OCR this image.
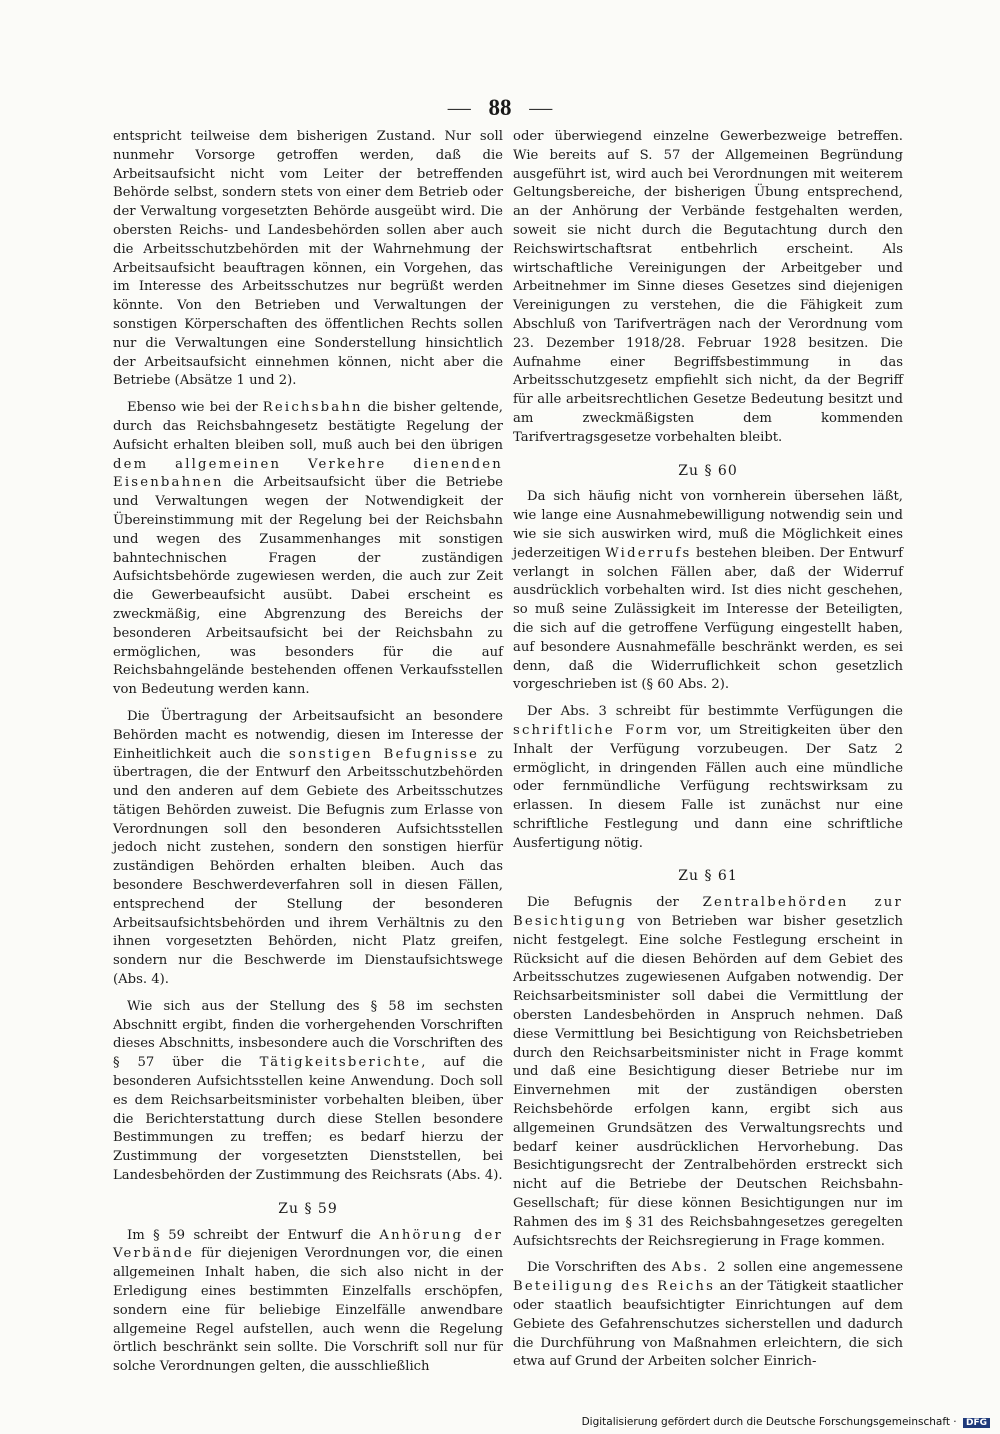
— 88 —

entspricht teilweise dem bisherigen Zustand. Nur soll nunmehr Vorsorge getroffen werden, daß die Arbeitsaufsicht nicht vom Leiter der betreffenden Behörde selbst, sondern stets von einer dem Betrieb oder der Verwaltung vorgesetzten Behörde ausgeübt wird. Die obersten Reichs- und Landesbehörden sollen aber auch die Arbeitsschutzbehörden mit der Wahrnehmung der Arbeitsaufsicht beauftragen können, ein Vorgehen, das im Interesse des Arbeitsschutzes nur begrüßt werden könnte. Von den Betrieben und Verwaltungen der sonstigen Körperschaften des öffentlichen Rechts sollen nur die Verwaltungen eine Sonderstellung hinsichtlich der Arbeitsaufsicht einnehmen können, nicht aber die Betriebe (Absätze 1 und 2).

Ebenso wie bei der Reichsbahn die bisher geltende, durch das Reichsbahngesetz bestätigte Regelung der Aufsicht erhalten bleiben soll, muß auch bei den übrigen dem allgemeinen Verkehre dienenden Eisenbahnen die Arbeitsaufsicht über die Betriebe und Verwaltungen wegen der Notwendigkeit der Übereinstimmung mit der Regelung bei der Reichsbahn und wegen des Zusammenhanges mit sonstigen bahntechnischen Fragen der zuständigen Aufsichtsbehörde zugewiesen werden, die auch zur Zeit die Gewerbeaufsicht ausübt. Dabei erscheint es zweckmäßig, eine Abgrenzung des Bereichs der besonderen Arbeitsaufsicht bei der Reichsbahn zu ermöglichen, was besonders für die auf Reichsbahngelände bestehenden offenen Verkaufsstellen von Bedeutung werden kann.

Die Übertragung der Arbeitsaufsicht an besondere Behörden macht es notwendig, diesen im Interesse der Einheitlichkeit auch die sonstigen Befugnisse zu übertragen, die der Entwurf den Arbeitsschutzbehörden und den anderen auf dem Gebiete des Arbeitsschutzes tätigen Behörden zuweist. Die Befugnis zum Erlasse von Verordnungen soll den besonderen Aufsichtsstellen jedoch nicht zustehen, sondern den sonstigen hierfür zuständigen Behörden erhalten bleiben. Auch das besondere Beschwerdeverfahren soll in diesen Fällen, entsprechend der Stellung der besonderen Arbeitsaufsichtsbehörden und ihrem Verhältnis zu den ihnen vorgesetzten Behörden, nicht Platz greifen, sondern nur die Beschwerde im Dienstaufsichtswege (Abs. 4).

Wie sich aus der Stellung des § 58 im sechsten Abschnitt ergibt, finden die vorhergehenden Vorschriften dieses Abschnitts, insbesondere auch die Vorschriften des § 57 über die Tätigkeitsberichte, auf die besonderen Aufsichtsstellen keine Anwendung. Doch soll es dem Reichsarbeitsminister vorbehalten bleiben, über die Berichterstattung durch diese Stellen besondere Bestimmungen zu treffen; es bedarf hierzu der Zustimmung der vorgesetzten Dienststellen, bei Landesbehörden der Zustimmung des Reichsrats (Abs. 4).

Zu § 59

Im § 59 schreibt der Entwurf die Anhörung der Verbände für diejenigen Verordnungen vor, die einen allgemeinen Inhalt haben, die sich also nicht in der Erledigung eines bestimmten Einzelfalls erschöpfen, sondern eine für beliebige Einzelfälle anwendbare allgemeine Regel aufstellen, auch wenn die Regelung örtlich beschränkt sein sollte. Die Vorschrift soll nur für solche Verordnungen gelten, die ausschließlich

oder überwiegend einzelne Gewerbezweige betreffen. Wie bereits auf S. 57 der Allgemeinen Begründung ausgeführt ist, wird auch bei Verordnungen mit weiterem Geltungsbereiche, der bisherigen Übung entsprechend, an der Anhörung der Verbände festgehalten werden, soweit sie nicht durch die Begutachtung durch den Reichswirtschaftsrat entbehrlich erscheint. Als wirtschaftliche Vereinigungen der Arbeitgeber und Arbeitnehmer im Sinne dieses Gesetzes sind diejenigen Vereinigungen zu verstehen, die die Fähigkeit zum Abschluß von Tarifverträgen nach der Verordnung vom 23. Dezember 1918/28. Februar 1928 besitzen. Die Aufnahme einer Begriffsbestimmung in das Arbeitsschutzgesetz empfiehlt sich nicht, da der Begriff für alle arbeitsrechtlichen Gesetze Bedeutung besitzt und am zweckmäßigsten dem kommenden Tarifvertragsgesetze vorbehalten bleibt.

Zu § 60

Da sich häufig nicht von vornherein übersehen läßt, wie lange eine Ausnahmebewilligung notwendig sein und wie sie sich auswirken wird, muß die Möglichkeit eines jederzeitigen Widerrufs bestehen bleiben. Der Entwurf verlangt in solchen Fällen aber, daß der Widerruf ausdrücklich vorbehalten wird. Ist dies nicht geschehen, so muß seine Zulässigkeit im Interesse der Beteiligten, die sich auf die getroffene Verfügung eingestellt haben, auf besondere Ausnahmefälle beschränkt werden, es sei denn, daß die Widerruflichkeit schon gesetzlich vorgeschrieben ist (§ 60 Abs. 2).

Der Abs. 3 schreibt für bestimmte Verfügungen die schriftliche Form vor, um Streitigkeiten über den Inhalt der Verfügung vorzubeugen. Der Satz 2 ermöglicht, in dringenden Fällen auch eine mündliche oder fernmündliche Verfügung rechtswirksam zu erlassen. In diesem Falle ist zunächst nur eine schriftliche Festlegung und dann eine schriftliche Ausfertigung nötig.

Zu § 61

Die Befugnis der Zentralbehörden zur Besichtigung von Betrieben war bisher gesetzlich nicht festgelegt. Eine solche Festlegung erscheint in Rücksicht auf die diesen Behörden auf dem Gebiet des Arbeitsschutzes zugewiesenen Aufgaben notwendig. Der Reichsarbeitsminister soll dabei die Vermittlung der obersten Landesbehörden in Anspruch nehmen. Daß diese Vermittlung bei Besichtigung von Reichsbetrieben durch den Reichsarbeitsminister nicht in Frage kommt und daß eine Besichtigung dieser Betriebe nur im Einvernehmen mit der zuständigen obersten Reichsbehörde erfolgen kann, ergibt sich aus allgemeinen Grundsätzen des Verwaltungsrechts und bedarf keiner ausdrücklichen Hervorhebung. Das Besichtigungsrecht der Zentralbehörden erstreckt sich nicht auf die Betriebe der Deutschen Reichsbahn-Gesellschaft; für diese können Besichtigungen nur im Rahmen des im § 31 des Reichsbahngesetzes geregelten Aufsichtsrechts der Reichsregierung in Frage kommen.

Die Vorschriften des Abs. 2 sollen eine angemessene Beteiligung des Reichs an der Tätigkeit staatlicher oder staatlich beaufsichtigter Einrichtungen auf dem Gebiete des Gefahrenschutzes sicherstellen und dadurch die Durchführung von Maßnahmen erleichtern, die sich etwa auf Grund der Arbeiten solcher Einrich-

Digitalisierung gefördert durch die Deutsche Forschungsgemeinschaft · DFG
